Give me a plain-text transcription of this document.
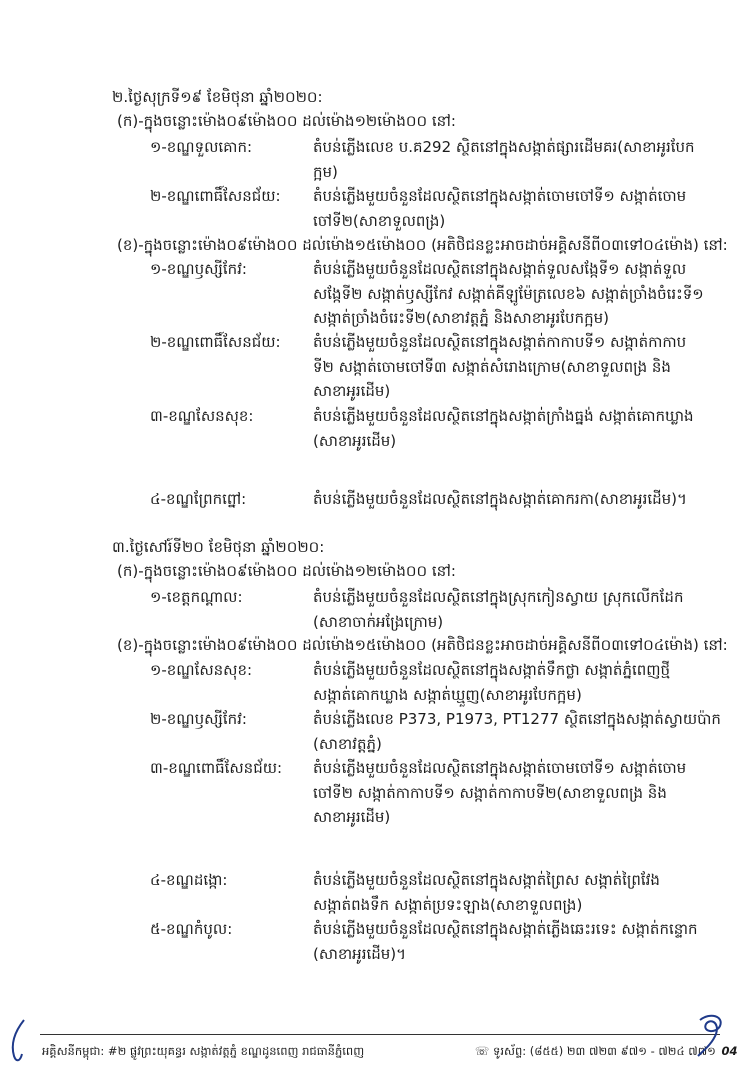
២.ថ្ងៃសុក្រទី១៩ ខែមិថុនា ឆ្នាំ២០២០:
(ក)-ក្នុងចន្លោះម៉ោង០៩ម៉ោង០០ ដល់ម៉ោង១២ម៉ោង០០ នៅ:
១-ខណ្ឌទួលគោក:	តំបន់ភ្លើងលេខ ប.គ292 ស្ថិតនៅក្នុងសង្កាត់ផ្សារដើមគរ(សាខាអូរបែក
ក្អម)
២-ខណ្ឌពោធិ៍សែនជ័យ: តំបន់ភ្លើងមួយចំនួនដែលស្ថិតនៅក្នុងសង្កាត់ចោមចៅទី១ សង្កាត់ចោម
ចៅទី២(សាខាទួលពង្រ)
(ខ)-ក្នុងចន្លោះម៉ោង០៩ម៉ោង០០ ដល់ម៉ោង១៥ម៉ោង០០ (អតិថិជនខ្លះអាចដាច់អគ្គិសនីពី០៣ទៅ០៤ម៉ោង) នៅ:
១-ខណ្ឌឫស្សីកែវ:	តំបន់ភ្លើងមួយចំនួនដែលស្ថិតនៅក្នុងសង្កាត់ទួលសង្កែទី១ សង្កាត់ទួល
សង្កែទី២ សង្កាត់ឫស្សីកែវ សង្កាត់គីឡូម៉ែត្រលេខ៦ សង្កាត់ច្រាំងចំរេះទី១
សង្កាត់ច្រាំងចំរេះទី២(សាខាវត្តភ្នំ និងសាខាអូរបែកក្អម)
២-ខណ្ឌពោធិ៍សែនជ័យ: តំបន់ភ្លើងមួយចំនួនដែលស្ថិតនៅក្នុងសង្កាត់កាកាបទី១ សង្កាត់កាកាប
ទី២ សង្កាត់ចោមចៅទី៣ សង្កាត់សំរោងក្រោម(សាខាទួលពង្រ និង
សាខាអូរដើម)
៣-ខណ្ឌសែនសុខ:	តំបន់ភ្លើងមួយចំនួនដែលស្ថិតនៅក្នុងសង្កាត់ក្រាំងធ្នង់ សង្កាត់គោកឃ្លាង
(សាខាអូរដើម)
៤-ខណ្ឌព្រែកព្នៅ:	តំបន់ភ្លើងមួយចំនួនដែលស្ថិតនៅក្នុងសង្កាត់គោករកា(សាខាអូរដើម)។
៣.ថ្ងៃសៅរ៍ទី២០ ខែមិថុនា ឆ្នាំ២០២០:
(ក)-ក្នុងចន្លោះម៉ោង០៩ម៉ោង០០ ដល់ម៉ោង១២ម៉ោង០០ នៅ:
១-ខេត្តកណ្ដាល:	តំបន់ភ្លើងមួយចំនួនដែលស្ថិតនៅក្នុងស្រុកកៀនស្វាយ ស្រុកលើកដែក
(សាខាចាក់អង្រែក្រោម)
(ខ)-ក្នុងចន្លោះម៉ោង០៩ម៉ោង០០ ដល់ម៉ោង១៥ម៉ោង០០ (អតិថិជនខ្លះអាចដាច់អគ្គិសនីពី០៣ទៅ០៤ម៉ោង) នៅ:
១-ខណ្ឌសែនសុខ:	តំបន់ភ្លើងមួយចំនួនដែលស្ថិតនៅក្នុងសង្កាត់ទឹកថ្លា សង្កាត់ភ្នំពេញថ្មី
សង្កាត់គោកឃ្លាង សង្កាត់ឃ្មួញ(សាខាអូរបែកក្អម)
២-ខណ្ឌឫស្សីកែវ:	តំបន់ភ្លើងលេខ P373, P1973, PT1277 ស្ថិតនៅក្នុងសង្កាត់ស្វាយប៉ាក
(សាខាវត្តភ្នំ)
៣-ខណ្ឌពោធិ៍សែនជ័យ: តំបន់ភ្លើងមួយចំនួនដែលស្ថិតនៅក្នុងសង្កាត់ចោមចៅទី១ សង្កាត់ចោម
ចៅទី២ សង្កាត់កាកាបទី១ សង្កាត់កាកាបទី២(សាខាទួលពង្រ និង
សាខាអូរដើម)
៤-ខណ្ឌដង្កោ:	តំបន់ភ្លើងមួយចំនួនដែលស្ថិតនៅក្នុងសង្កាត់ព្រៃស សង្កាត់ព្រៃវែង
សង្កាត់ពងទឹក សង្កាត់ប្រទះឡាង(សាខាទួលពង្រ)
៥-ខណ្ឌកំបូល:	តំបន់ភ្លើងមួយចំនួនដែលស្ថិតនៅក្នុងសង្កាត់ភ្លើងឆេះរទេះ សង្កាត់កន្ទោក
(សាខាអូរដើម)។
អគ្គិសនីកម្ពុជា: #២ ផ្លូវព្រះយុគន្ធរ សង្កាត់វត្តភ្នំ ខណ្ឌដូនពេញ រាជធានីភ្នំពេញ	☏ ទូរស័ព្ទ: (៨៥៥) ២៣ ៧២៣ ៩៧១ - ៧២៤ ៧៧១ 04
